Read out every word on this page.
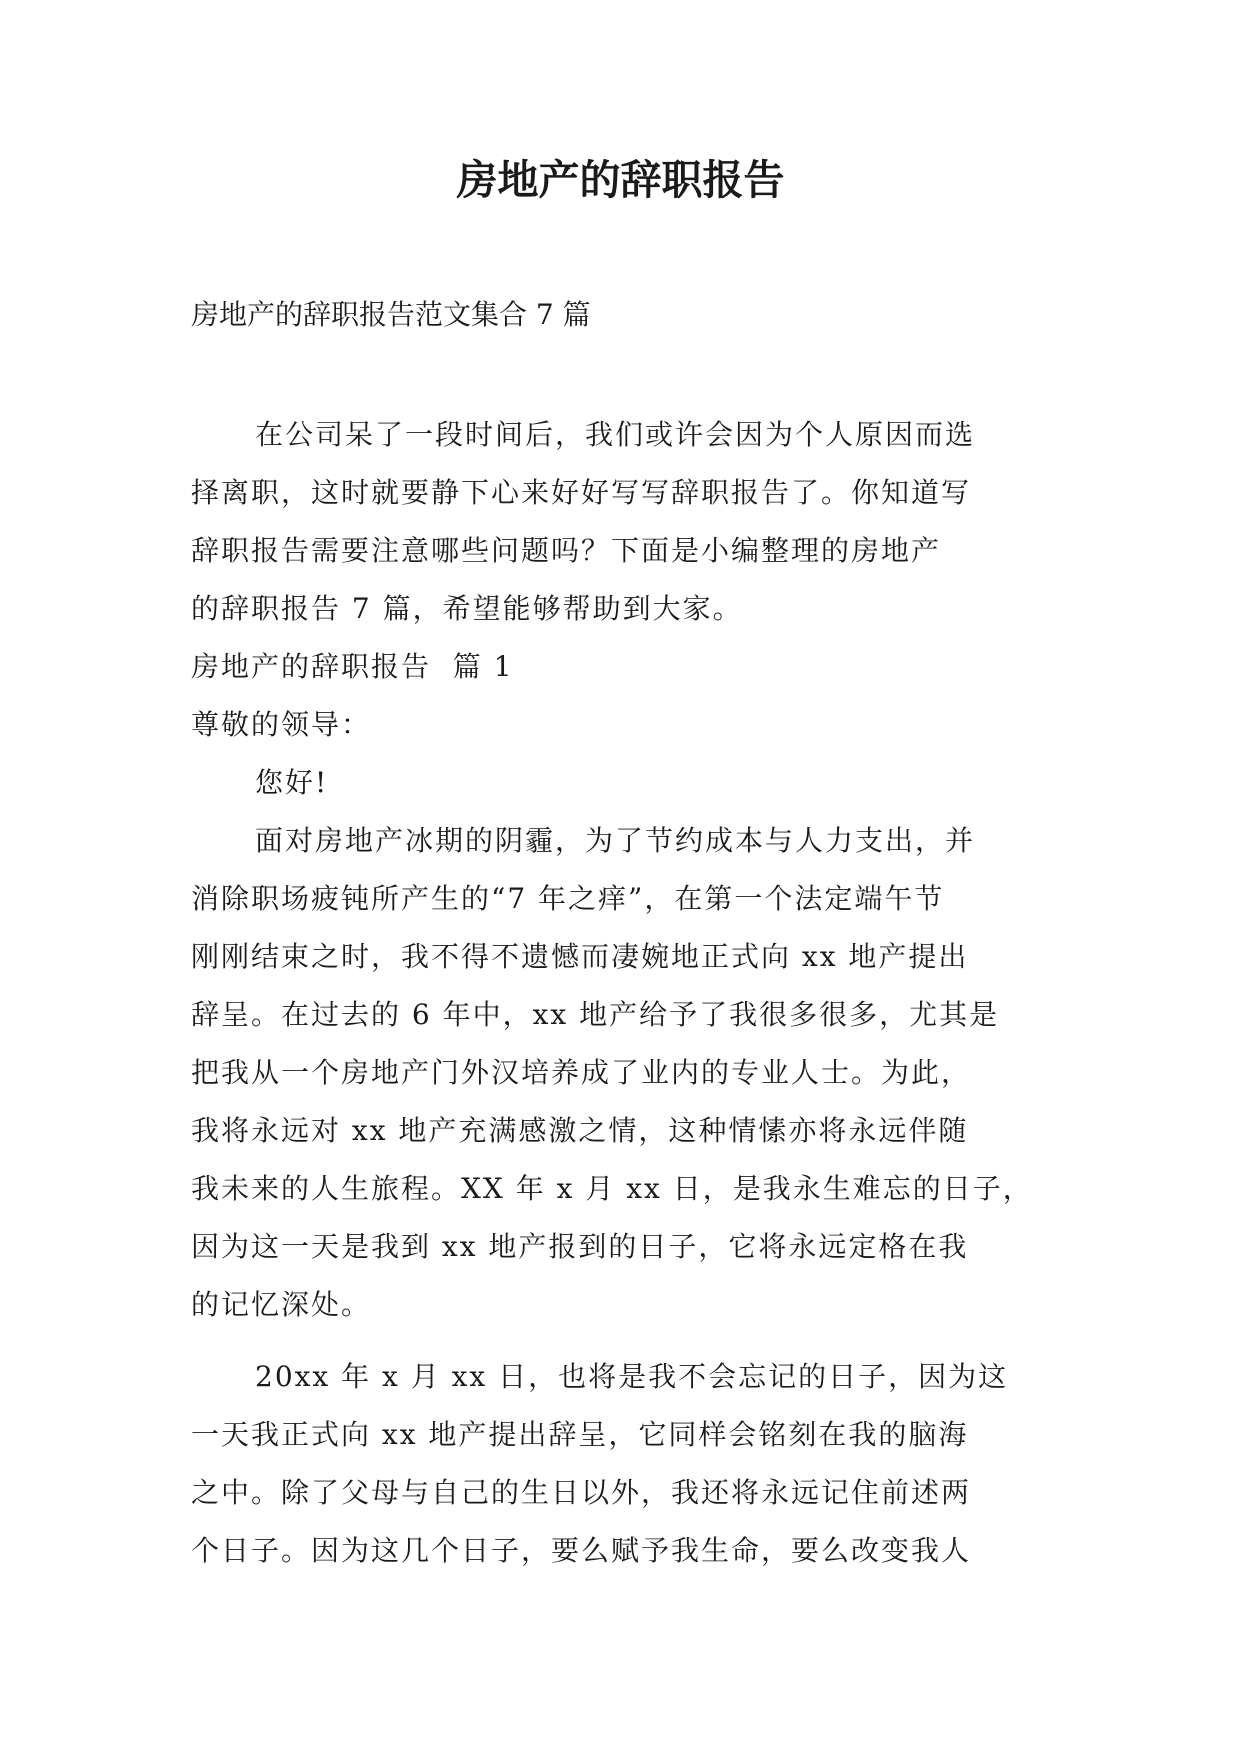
房地产的辞职报告

房地产的辞职报告范文集合 7 篇

在公司呆了一段时间后，我们或许会因为个人原因而选
择离职，这时就要静下心来好好写写辞职报告了。你知道写
辞职报告需要注意哪些问题吗？下面是小编整理的房地产
的辞职报告 7 篇，希望能够帮助到大家。

房地产的辞职报告  篇 1

尊敬的领导：

您好!

面对房地产冰期的阴霾，为了节约成本与人力支出，并
消除职场疲钝所产生的“7 年之痒”，在第一个法定端午节
刚刚结束之时，我不得不遗憾而凄婉地正式向 xx 地产提出
辞呈。在过去的 6 年中，xx 地产给予了我很多很多，尤其是
把我从一个房地产门外汉培养成了业内的专业人士。为此，
我将永远对 xx 地产充满感激之情，这种情愫亦将永远伴随
我未来的人生旅程。XX 年 x 月 xx 日，是我永生难忘的日子，
因为这一天是我到 xx 地产报到的日子，它将永远定格在我
的记忆深处。

20xx 年 x 月 xx 日，也将是我不会忘记的日子，因为这
一天我正式向 xx 地产提出辞呈，它同样会铭刻在我的脑海
之中。除了父母与自己的生日以外，我还将永远记住前述两
个日子。因为这几个日子，要么赋予我生命，要么改变我人
